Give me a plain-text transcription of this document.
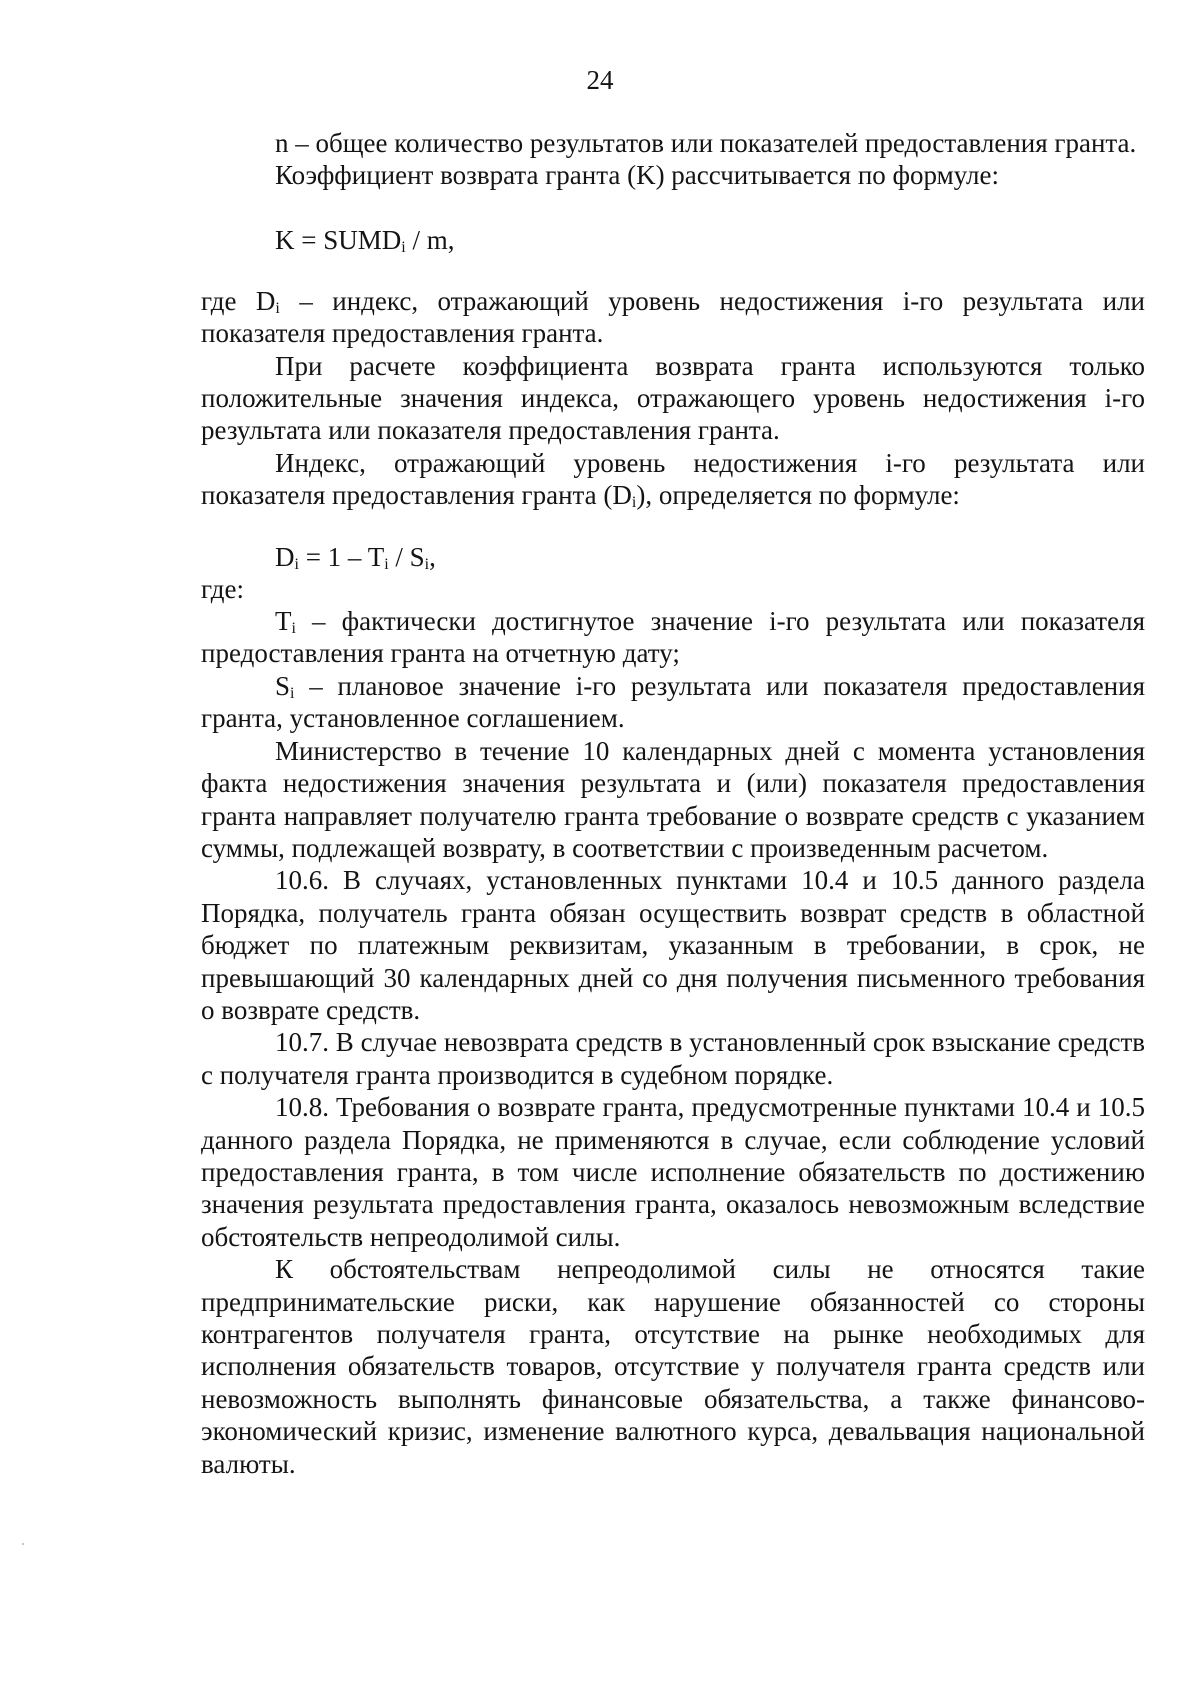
24

n – общее количество результатов или показателей предоставления гранта.

Коэффициент возврата гранта (K) рассчитывается по формуле:

$K = SUMD_i / m$,

где $D_i$ – индекс, отражающий уровень недостижения i-го результата или показателя предоставления гранта.

При расчете коэффициента возврата гранта используются только положительные значения индекса, отражающего уровень недостижения i-го результата или показателя предоставления гранта.

Индекс, отражающий уровень недостижения i-го результата или показателя предоставления гранта $(D_i)$, определяется по формуле:

$D_i = 1 - T_i / S_i$,

где:

$T_i$ – фактически достигнутое значение i-го результата или показателя предоставления гранта на отчетную дату;

$S_i$ – плановое значение i-го результата или показателя предоставления гранта, установленное соглашением.

Министерство в течение 10 календарных дней с момента установления факта недостижения значения результата и (или) показателя предоставления гранта направляет получателю гранта требование о возврате средств с указанием суммы, подлежащей возврату, в соответствии с произведенным расчетом.

10.6. В случаях, установленных пунктами 10.4 и 10.5 данного раздела Порядка, получатель гранта обязан осуществить возврат средств в областной бюджет по платежным реквизитам, указанным в требовании, в срок, не превышающий 30 календарных дней со дня получения письменного требования о возврате средств.

10.7. В случае невозврата средств в установленный срок взыскание средств с получателя гранта производится в судебном порядке.

10.8. Требования о возврате гранта, предусмотренные пунктами 10.4 и 10.5 данного раздела Порядка, не применяются в случае, если соблюдение условий предоставления гранта, в том числе исполнение обязательств по достижению значения результата предоставления гранта, оказалось невозможным вследствие обстоятельств непреодолимой силы.

К обстоятельствам непреодолимой силы не относятся такие предпринимательские риски, как нарушение обязанностей со стороны контрагентов получателя гранта, отсутствие на рынке необходимых для исполнения обязательств товаров, отсутствие у получателя гранта средств или невозможность выполнять финансовые обязательства, а также финансово-экономический кризис, изменение валютного курса, девальвация национальной валюты.
